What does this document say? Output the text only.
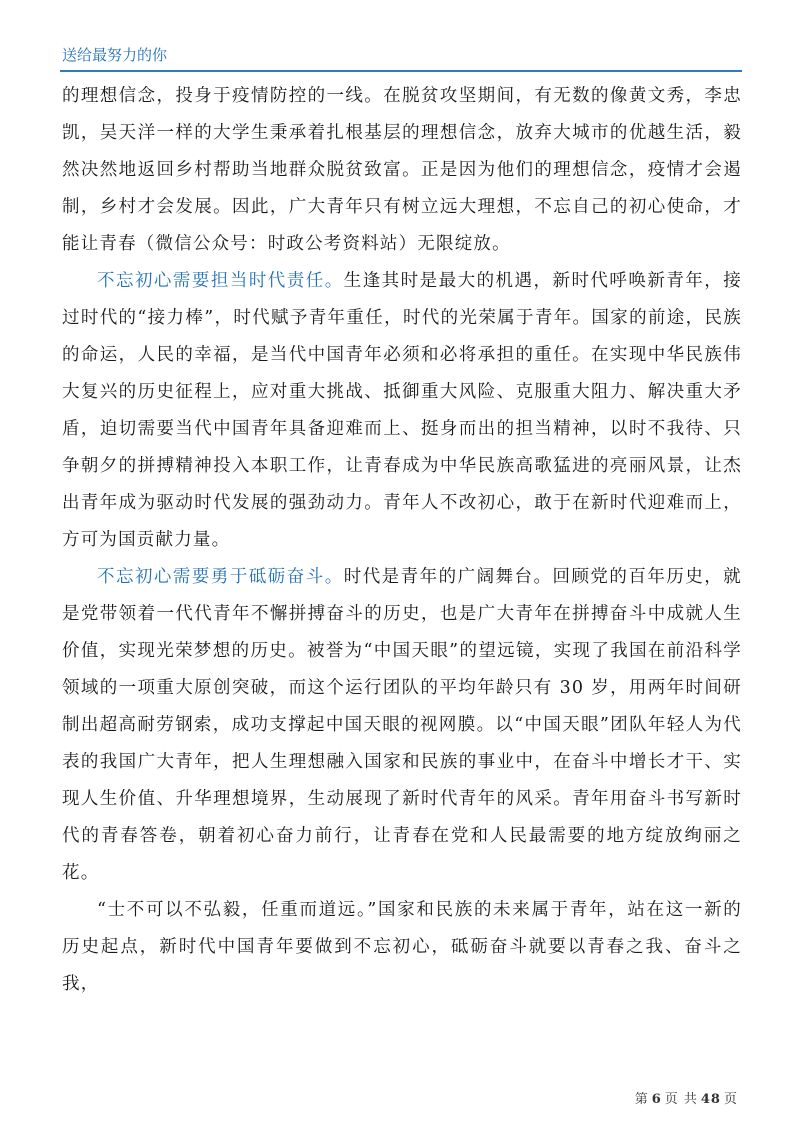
送给最努力的你

的理想信念，投身于疫情防控的一线。在脱贫攻坚期间，有无数的像黄文秀，李忠凯，吴天洋一样的大学生秉承着扎根基层的理想信念，放弃大城市的优越生活，毅然决然地返回乡村帮助当地群众脱贫致富。正是因为他们的理想信念，疫情才会遏制，乡村才会发展。因此，广大青年只有树立远大理想，不忘自己的初心使命，才能让青春（微信公众号：时政公考资料站）无限绽放。

不忘初心需要担当时代责任。生逢其时是最大的机遇，新时代呼唤新青年，接过时代的“接力棒”，时代赋予青年重任，时代的光荣属于青年。国家的前途，民族的命运，人民的幸福，是当代中国青年必须和必将承担的重任。在实现中华民族伟大复兴的历史征程上，应对重大挑战、抵御重大风险、克服重大阻力、解决重大矛盾，迫切需要当代中国青年具备迎难而上、挺身而出的担当精神，以时不我待、只争朝夕的拼搏精神投入本职工作，让青春成为中华民族高歌猛进的亮丽风景，让杰出青年成为驱动时代发展的强劲动力。青年人不改初心，敢于在新时代迎难而上，方可为国贡献力量。

不忘初心需要勇于砥砺奋斗。时代是青年的广阔舞台。回顾党的百年历史，就是党带领着一代代青年不懈拼搏奋斗的历史，也是广大青年在拼搏奋斗中成就人生价值，实现光荣梦想的历史。被誉为“中国天眼”的望远镜，实现了我国在前沿科学领域的一项重大原创突破，而这个运行团队的平均年龄只有 30 岁，用两年时间研制出超高耐劳钢索，成功支撑起中国天眼的视网膜。以“中国天眼”团队年轻人为代表的我国广大青年，把人生理想融入国家和民族的事业中，在奋斗中增长才干、实现人生价值、升华理想境界，生动展现了新时代青年的风采。青年用奋斗书写新时代的青春答卷，朝着初心奋力前行，让青春在党和人民最需要的地方绽放绚丽之花。

“士不可以不弘毅，任重而道远。”国家和民族的未来属于青年，站在这一新的历史起点，新时代中国青年要做到不忘初心，砥砺奋斗就要以青春之我、奋斗之我，

第 6 页 共 48 页
